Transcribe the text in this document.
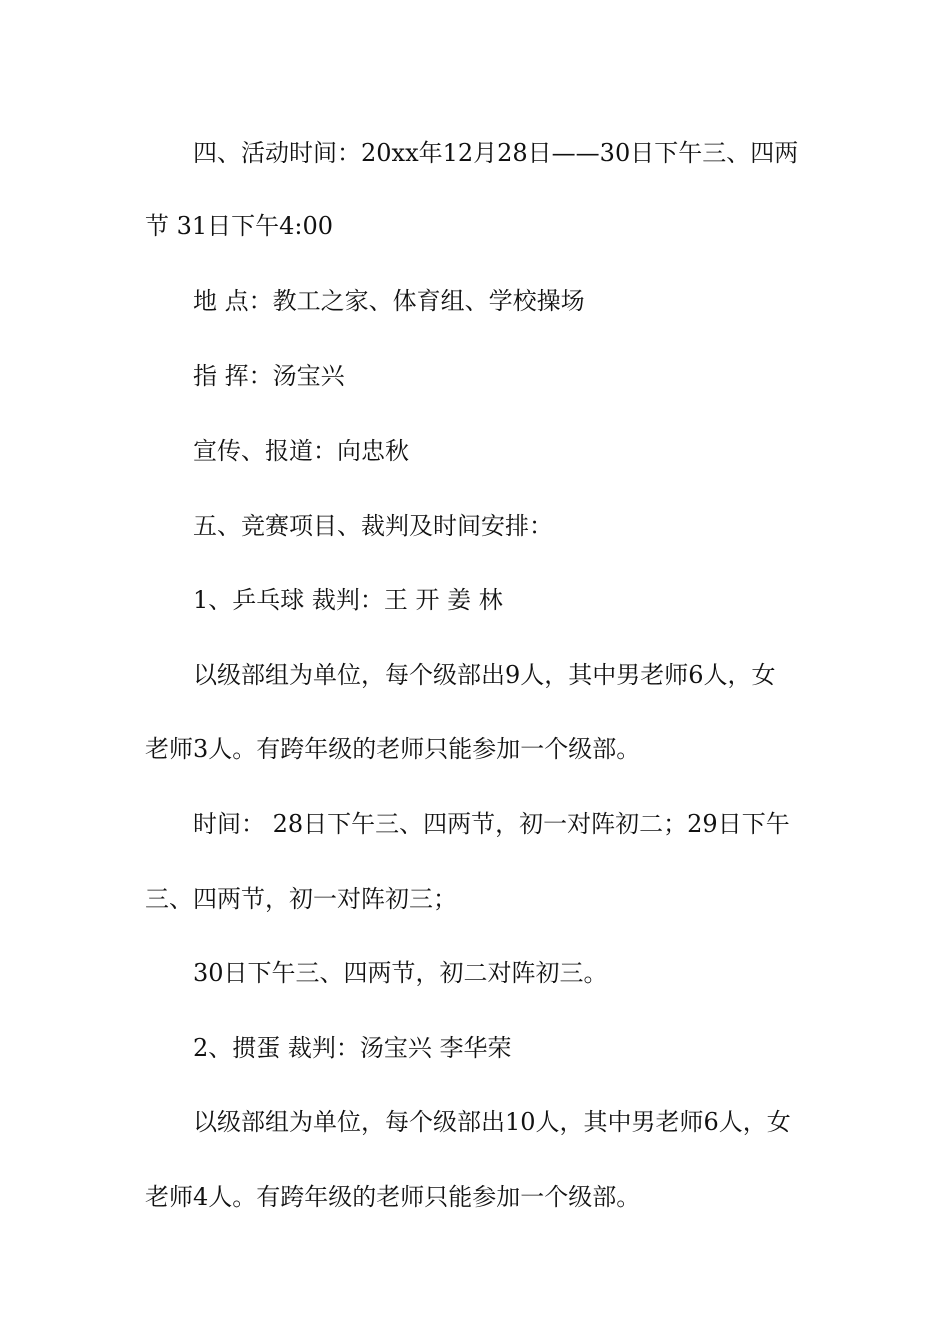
四、活动时间：20xx年12月28日——30日下午三、四两
节 31日下午4:00
地 点：教工之家、体育组、学校操场
指 挥：汤宝兴
宣传、报道：向忠秋
五、竞赛项目、裁判及时间安排：
1、乒乓球 裁判：王 开 姜 林
以级部组为单位，每个级部出9人，其中男老师6人，女
老师3人。有跨年级的老师只能参加一个级部。
时间： 28日下午三、四两节，初一对阵初二；29日下午
三、四两节，初一对阵初三；
30日下午三、四两节，初二对阵初三。
2、掼蛋 裁判：汤宝兴 李华荣
以级部组为单位，每个级部出10人，其中男老师6人，女
老师4人。有跨年级的老师只能参加一个级部。
